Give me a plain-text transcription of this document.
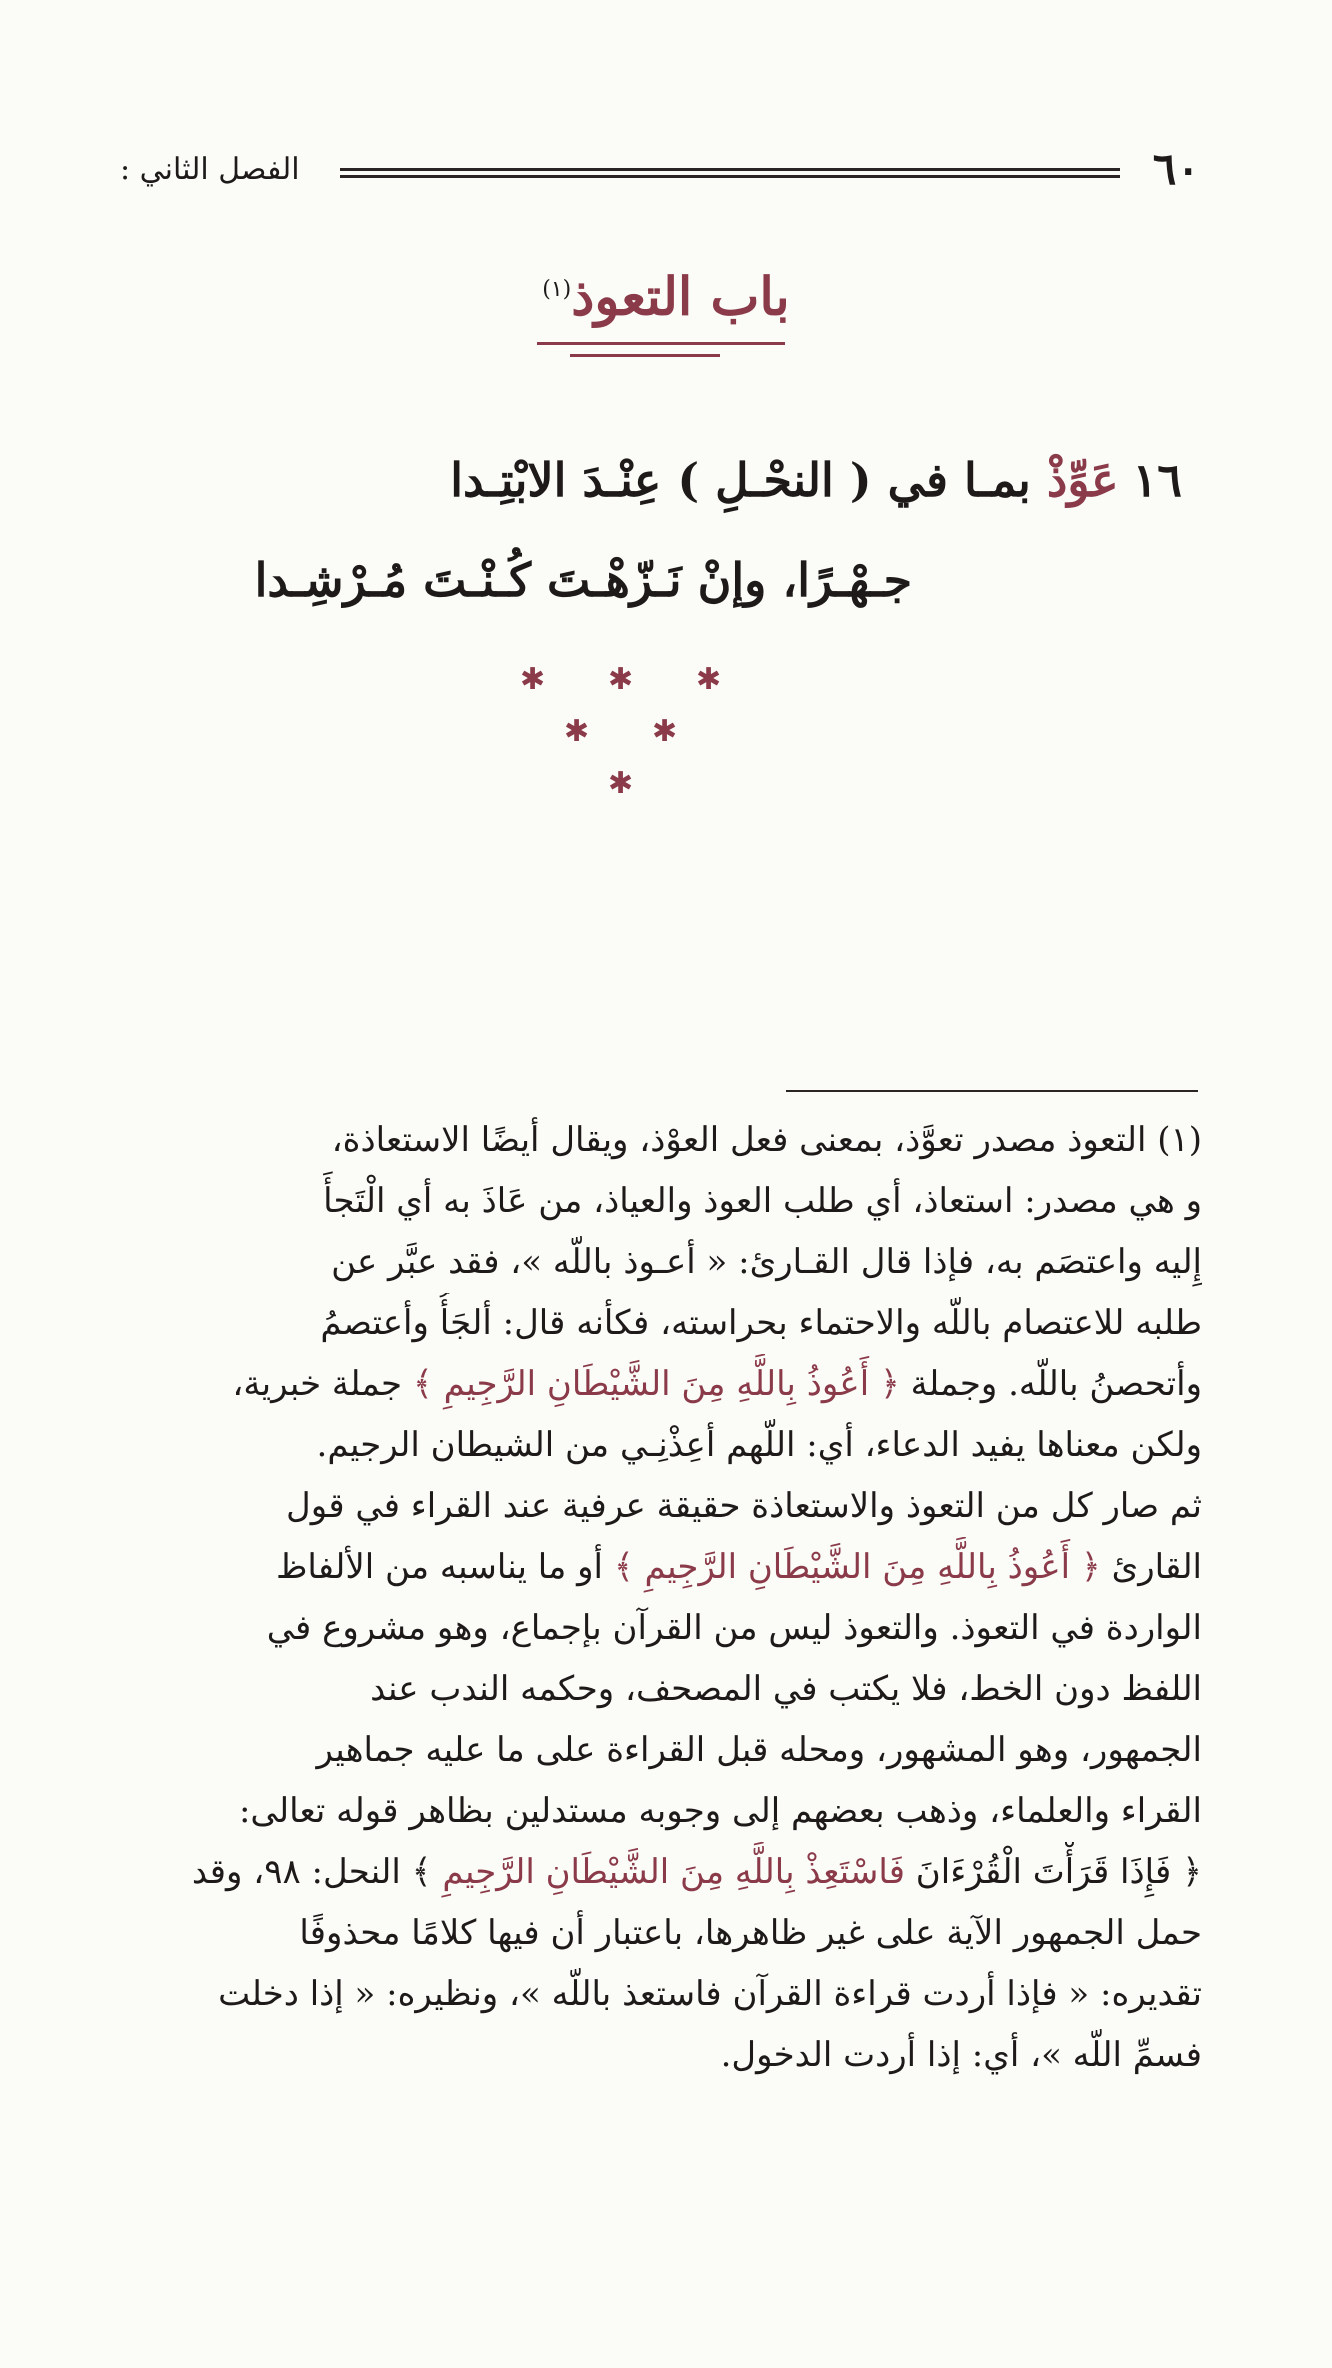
٦٠
الفصل الثاني :
باب التعوذ$^{(١)}$
١٦عَوِّذْ بمـا في ( النحْـلِ ) عِنْـدَ الابْتِـدا
جـهْـرًا، وإنْ نَـزّهْـتَ كُـنْـتَ مُـرْشِـدا
✱ ✱ ✱
✱ ✱
✱
(١) التعوذ مصدر تعوَّذ، بمعنى فعل العوْذ، ويقال أيضًا الاستعاذة،
و هي مصدر: استعاذ، أي طلب العوذ والعياذ، من عَاذَ به أي الْتَجأَ
إِليه واعتصَم به، فإذا قال القـارئ: « أعـوذ باللّه »، فقد عبَّر عن
طلبه للاعتصام باللّه والاحتماء بحراسته، فكأنه قال: ألجَأُ وأعتصمُ
وأتحصنُ باللّه. وجملة ﴿ أَعُوذُ بِاللَّهِ مِنَ الشَّيْطَانِ الرَّجِيمِ ﴾ جملة خبرية،
ولكن معناها يفيد الدعاء، أي: اللّهم أعِذْنِـي من الشيطان الرجيم.
ثم صار كل من التعوذ والاستعاذة حقيقة عرفية عند القراء في قول
القارئ ﴿ أَعُوذُ بِاللَّهِ مِنَ الشَّيْطَانِ الرَّجِيمِ ﴾ أو ما يناسبه من الألفاظ
الواردة في التعوذ. والتعوذ ليس من القرآن بإجماع، وهو مشروع في
اللفظ دون الخط، فلا يكتب في المصحف، وحكمه الندب عند
الجمهور، وهو المشهور، ومحله قبل القراءة على ما عليه جماهير
القراء والعلماء، وذهب بعضهم إلى وجوبه مستدلين بظاهر قوله تعالى:
﴿ فَإِذَا قَرَأْتَ الْقُرْءَانَ فَاسْتَعِذْ بِاللَّهِ مِنَ الشَّيْطَانِ الرَّجِيمِ ﴾ النحل: ٩٨، وقد
حمل الجمهور الآية على غير ظاهرها، باعتبار أن فيها كلامًا محذوفًا
تقديره: « فإذا أردت قراءة القرآن فاستعذ باللّه »، ونظيره: « إذا دخلت
فسمِّ اللّه »، أي: إذا أردت الدخول.
